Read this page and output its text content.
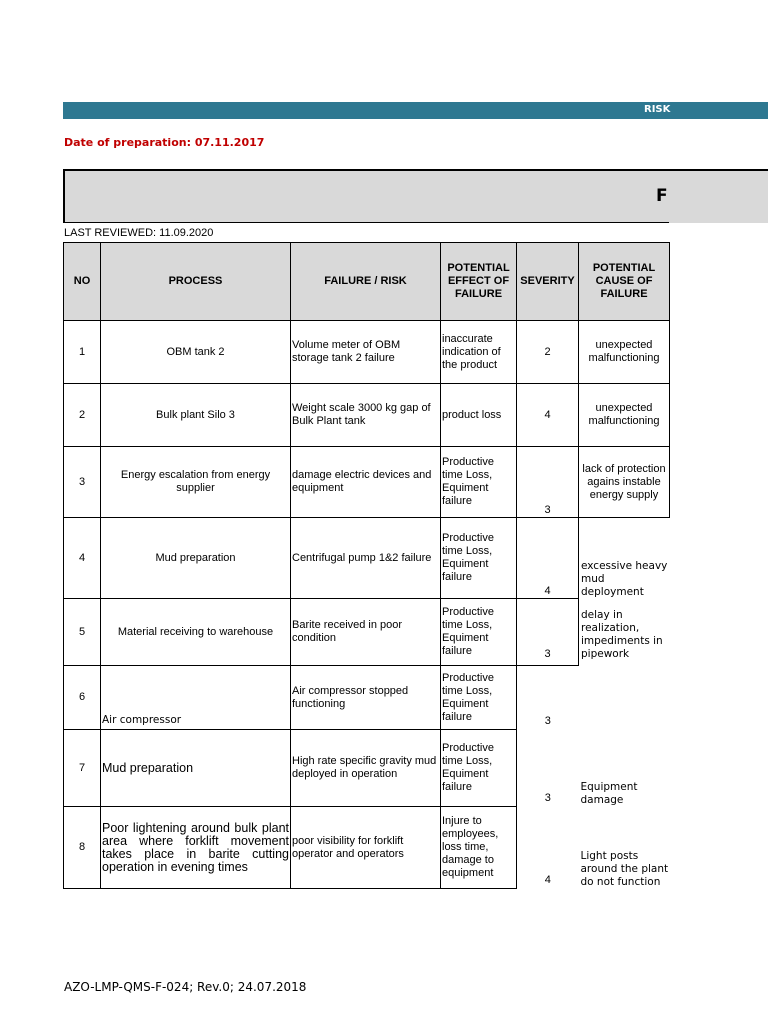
RISK
Date of preparation: 07.11.2017
F
LAST REVIEWED: 11.09.2020
NO	PROCESS	FAILURE / RISK	POTENTIAL EFFECT OF FAILURE	SEVERITY	POTENTIAL CAUSE OF FAILURE
1	OBM tank 2	Volume meter of OBM storage tank 2 failure	inaccurate indication of the product	2	unexpected malfunctioning
2	Bulk plant Silo 3	Weight scale 3000 kg gap of Bulk Plant tank	product loss	4	unexpected malfunctioning
3	Energy escalation from energy supplier	damage electric devices and equipment	Productive time Loss, Equiment failure	3	lack of protection agains instable energy supply
4	Mud preparation	Centrifugal pump 1&2 failure	Productive time Loss, Equiment failure	4	excessive heavy mud deployment
5	Material receiving to warehouse	Barite received in poor condition	Productive time Loss, Equiment failure	3	delay in realization, impediments in pipework
6	Air compressor	Air compressor stopped functioning	Productive time Loss, Equiment failure	3	
7	Mud preparation	High rate specific gravity mud deployed in operation	Productive time Loss, Equiment failure	3	Equipment damage
8	Poor lightening around bulk plant area where forklift movement takes place in barite cutting operation in evening times	poor visibility for forklift operator and operators	Injure to employees, loss time, damage to equipment	4	Light posts around the plant do not function
AZO-LMP-QMS-F-024; Rev.0; 24.07.2018
